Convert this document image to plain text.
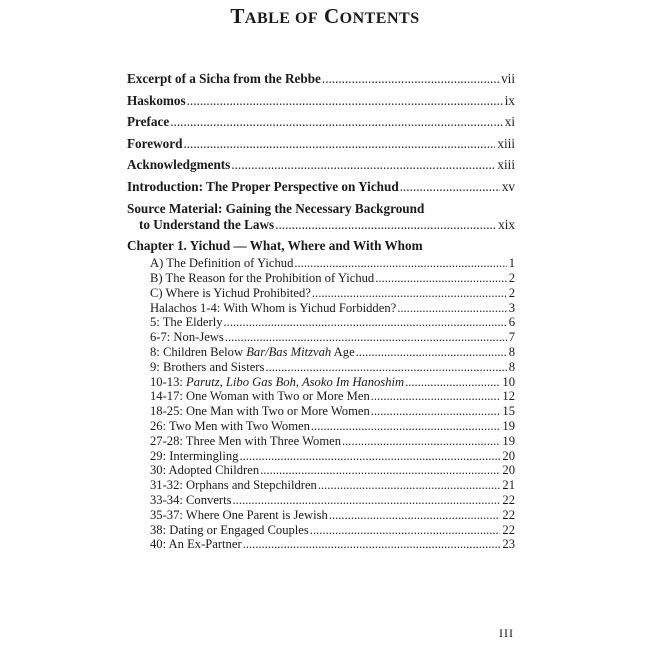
TABLE OF CONTENTS
Excerpt of a Sicha from the Rebbe .....	vii
Haskomos .....	ix
Preface .....	xi
Foreword .....	xiii
Acknowledgments .....	xiii
Introduction: The Proper Perspective on Yichud .....	xv
Source Material: Gaining the Necessary Background
to Understand the Laws .....	xix
Chapter 1. Yichud — What, Where and With Whom
A) The Definition of Yichud .....	1
B) The Reason for the Prohibition of Yichud .....	2
C) Where is Yichud Prohibited? .....	2
Halachos 1-4: With Whom is Yichud Forbidden? .....	3
5: The Elderly .....	6
6-7: Non-Jews .....	7
8: Children Below Bar/Bas Mitzvah Age .....	8
9: Brothers and Sisters .....	8
10-13: Parutz, Libo Gas Boh, Asoko Im Hanoshim .....	10
14-17: One Woman with Two or More Men .....	12
18-25: One Man with Two or More Women .....	15
26: Two Men with Two Women .....	19
27-28: Three Men with Three Women .....	19
29: Intermingling .....	20
30: Adopted Children .....	20
31-32: Orphans and Stepchildren .....	21
33-34: Converts .....	22
35-37: Where One Parent is Jewish .....	22
38: Dating or Engaged Couples .....	22
40: An Ex-Partner .....	23
III
